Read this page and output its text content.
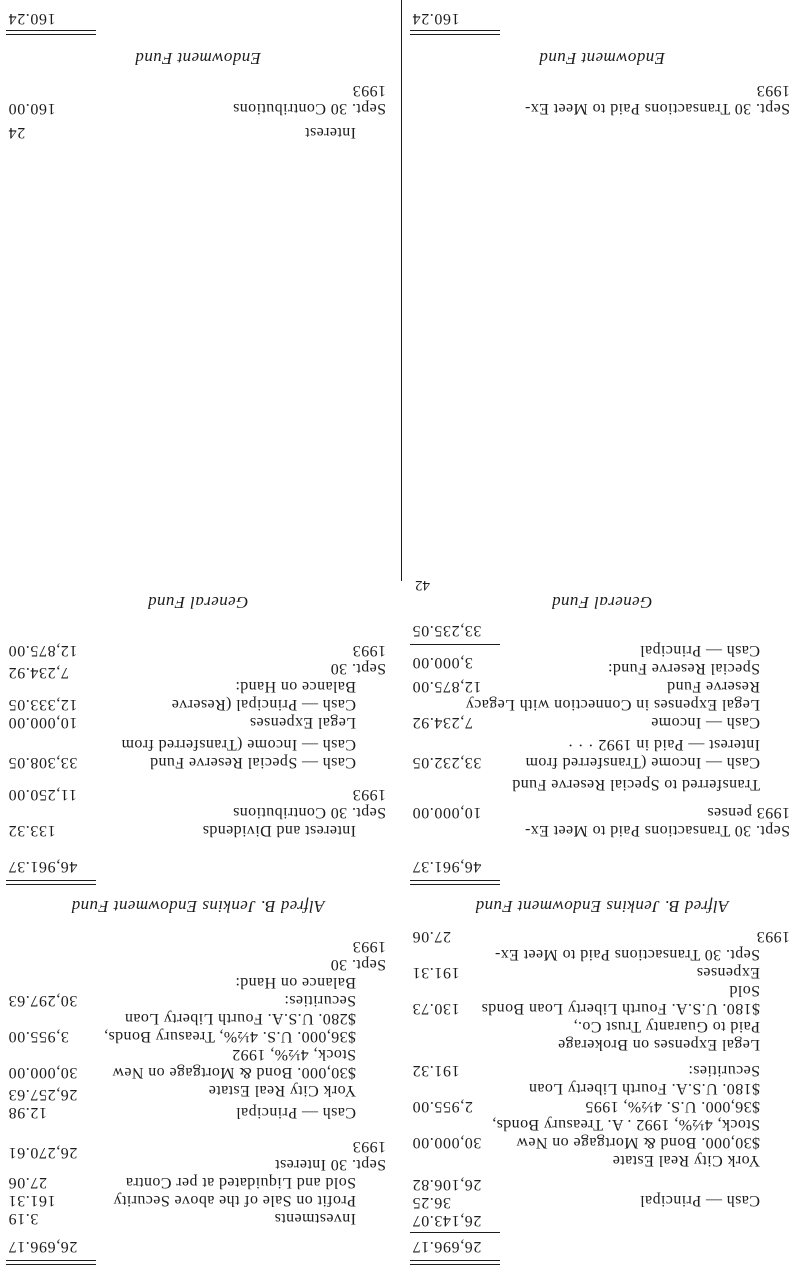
26,696.17
26,143.07
36.25
26,106.82
Cash — Principal
York City Real Estate
$30,000. Bond & Mortgage on New
Stock, 4½%, 1992 . A. Treasury Bonds,
$36,000. U.S. 4½%, 1995
$180. U.S.A. Fourth Liberty Loan
Securities:
Legal Expenses on Brokerage
Paid to Guaranty Trust Co.,
$180. U.S.A. Fourth Liberty Loan Bonds
Sold
Expenses
Sept. 30 Transactions Paid to Meet Ex-
1993
30,000.00
2,955.00
191.32
130.73
191.31
27.06
Alfred B. Jenkins Endowment Fund
46,961.37
Sept. 30 Transactions Paid to Meet Ex-
1993 penses
Transferred to Special Reserve Fund
Cash — Income (Transferred from
Interest — Paid in 1992 · · ·
Cash — Income
Legal Expenses in Connection with Legacy
Reserve Fund
Special Reserve Fund:
Cash — Principal
10,000.00
33,232.05
7,234.92
12,875.00
3,000.00
33,235.05
General Fund
42
Endowment Fund
Sept. 30 Transactions Paid to Meet Ex-
1993
160.24
26,696.17
Investments
Profit on Sale of the above Security
Sold and Liquidated at per Contra
Sept. 30 Interest
1993
3.19
161.31
27.06
26,270.61
Cash — Principal
York City Real Estate
$30,000. Bond & Mortgage on New
Stock, 4½%, 1992
$36,000. U.S. 4½%, Treasury Bonds,
$280. U.S.A. Fourth Liberty Loan
Securities:
Balance on Hand:
Sept. 30
1993
12.98
26,257.63
30,000.00
3,955.00
30,297.63
Alfred B. Jenkins Endowment Fund
46,961.37
Interest and Dividends
Sept. 30 Contributions
1993
Cash — Special Reserve Fund
Cash — Income (Transferred from
Legal Expenses
Cash — Principal (Reserve
Balance on Hand:
Sept. 30
1993
133.32
11,250.00
33,308.05
10,000.00
12,333.05
7,234.92
12,875.00
General Fund
Endowment Fund
Interest
Sept. 30 Contributions
1993
24
160.00
160.24
